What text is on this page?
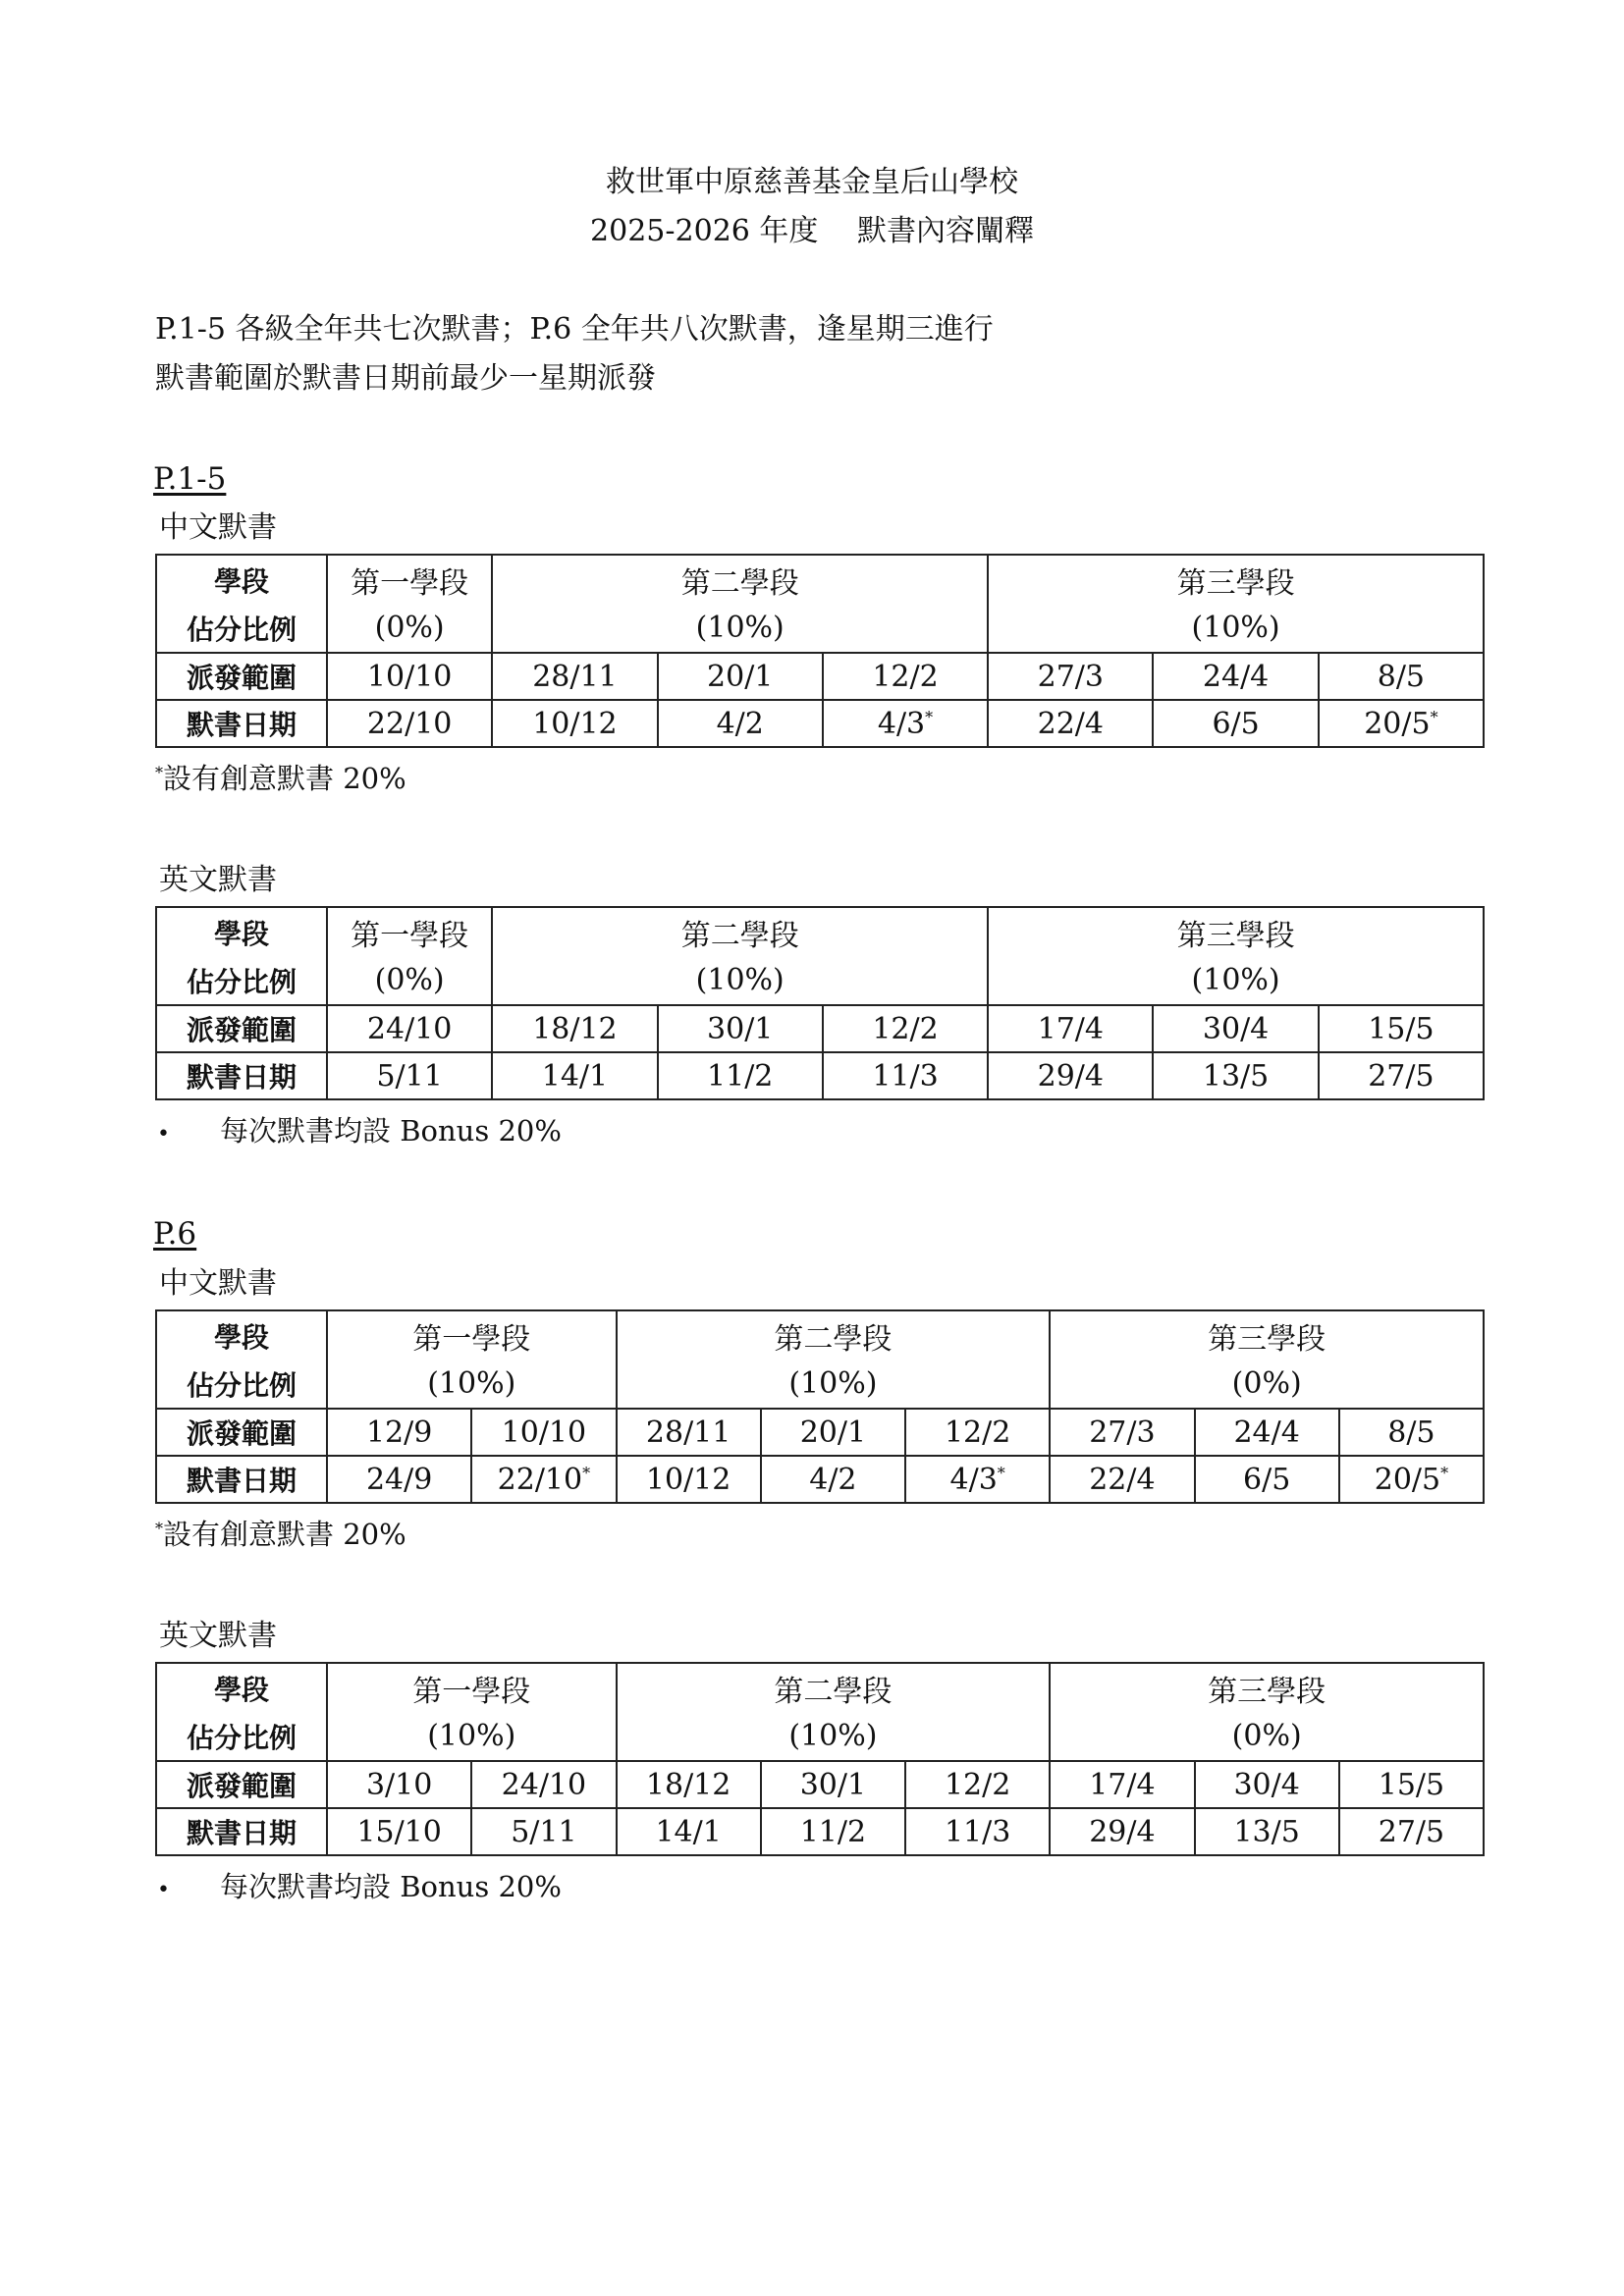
救世軍中原慈善基金皇后山學校
2025-2026 年度　 默書內容闡釋
P.1-5 各級全年共七次默書；P.6 全年共八次默書，逢星期三進行
默書範圍於默書日期前最少一星期派發
P.1-5
中文默書
學段	第一學段	第二學段			第三學段		
佔分比例	(0%)	(10%)			(10%)		
派發範圍	10/10	28/11	20/1	12/2	27/3	24/4	8/5
默書日期	22/10	10/12	4/2	4/3*	22/4	6/5	20/5*
*設有創意默書 20%
英文默書
學段	第一學段	第二學段			第三學段		
佔分比例	(0%)	(10%)			(10%)		
派發範圍	24/10	18/12	30/1	12/2	17/4	30/4	15/5
默書日期	5/11	14/1	11/2	11/3	29/4	13/5	27/5
• 每次默書均設 Bonus 20%
P.6
中文默書
學段	第一學段		第二學段			第三學段		
佔分比例	(10%)		(10%)			(0%)		
派發範圍	12/9	10/10	28/11	20/1	12/2	27/3	24/4	8/5
默書日期	24/9	22/10*	10/12	4/2	4/3*	22/4	6/5	20/5*
*設有創意默書 20%
英文默書
學段	第一學段		第二學段			第三學段		
佔分比例	(10%)		(10%)			(0%)		
派發範圍	3/10	24/10	18/12	30/1	12/2	17/4	30/4	15/5
默書日期	15/10	5/11	14/1	11/2	11/3	29/4	13/5	27/5
• 每次默書均設 Bonus 20%
